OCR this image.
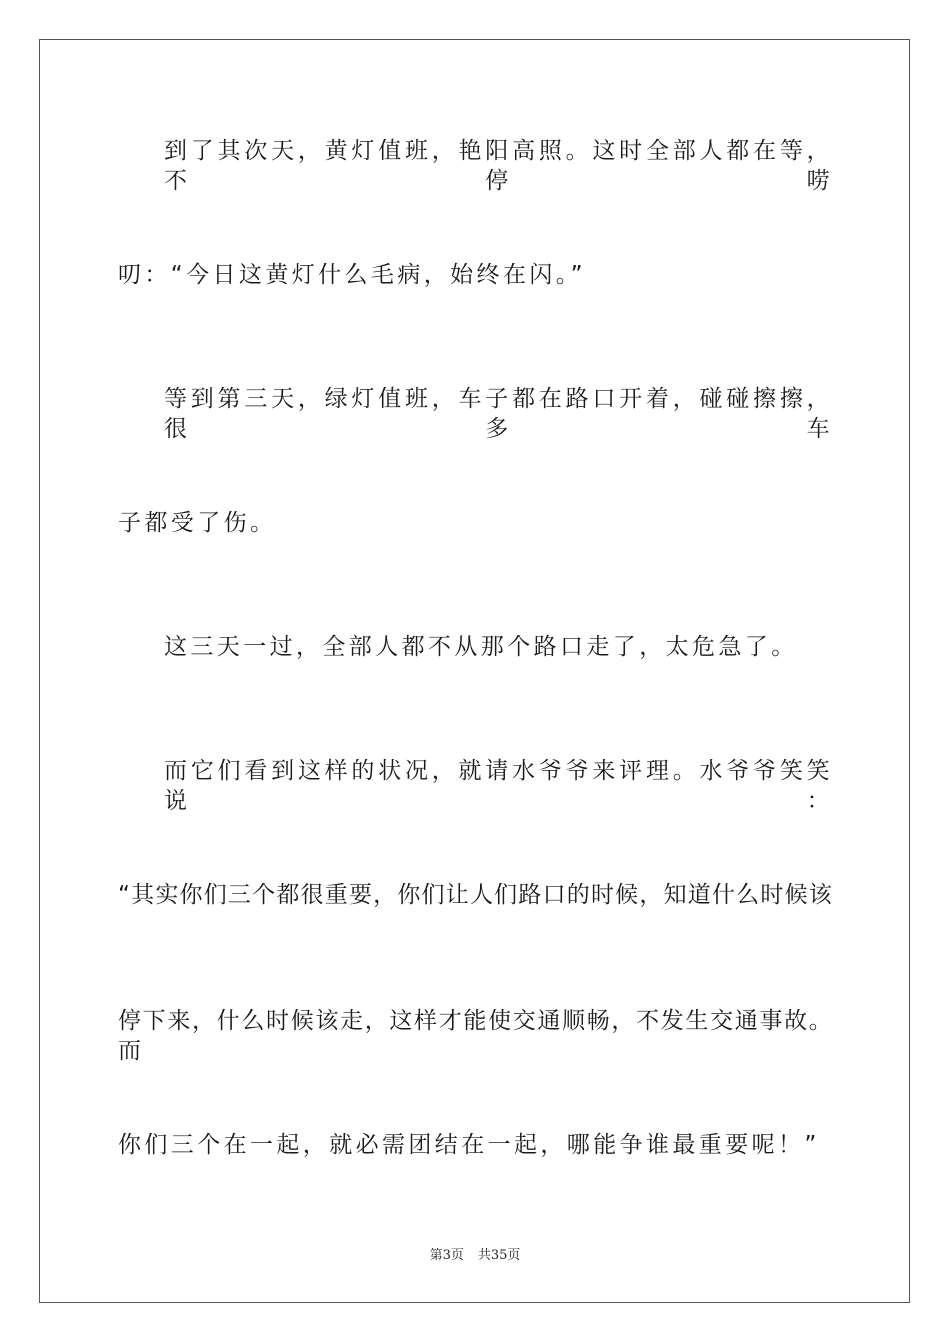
到了其次天，黄灯值班，艳阳高照。这时全部人都在等，不停唠
叨：“今日这黄灯什么毛病，始终在闪。”
等到第三天，绿灯值班，车子都在路口开着，碰碰擦擦，很多车
子都受了伤。
这三天一过，全部人都不从那个路口走了，太危急了。
而它们看到这样的状况，就请水爷爷来评理。水爷爷笑笑说：
“其实你们三个都很重要，你们让人们路口的时候，知道什么时候该
停下来，什么时候该走，这样才能使交通顺畅，不发生交通事故。而
你们三个在一起，就必需团结在一起，哪能争谁最重要呢！”
第3页 共35页
